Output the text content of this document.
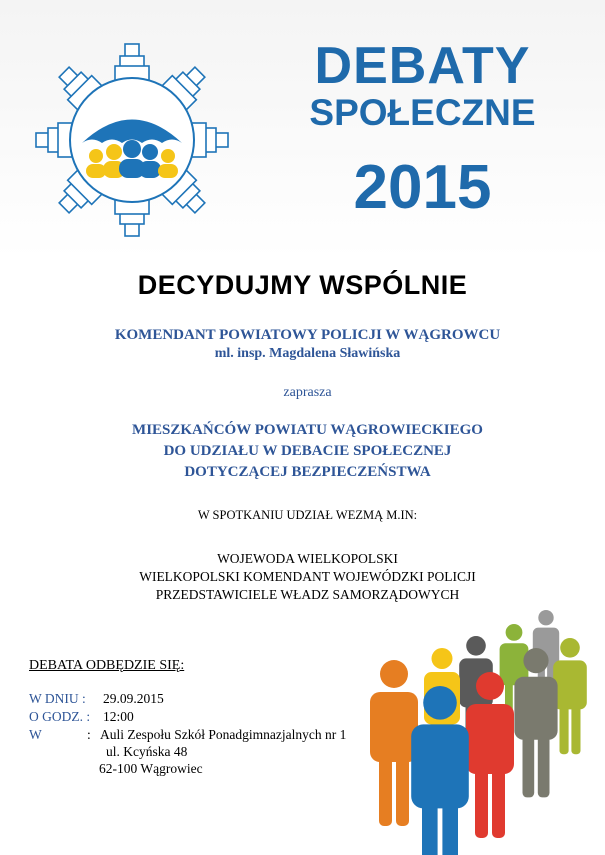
WIELKOPOLSKA POLICJA
DEBATY
SPOŁECZNE
2015
DECYDUJMY WSPÓLNIE
KOMENDANT POWIATOWY POLICJI W WĄGROWCU
ml. insp. Magdalena Sławińska
zaprasza
MIESZKAŃCÓW POWIATU WĄGROWIECKIEGO
DO UDZIAŁU W DEBACIE SPOŁECZNEJ
DOTYCZĄCEJ BEZPIECZEŃSTWA
W SPOTKANIU UDZIAŁ WEZMĄ M.IN:
WOJEWODA WIELKOPOLSKI
WIELKOPOLSKI KOMENDANT WOJEWÓDZKI POLICJI
PRZEDSTAWICIELE WŁADZ SAMORZĄDOWYCH
DEBATA ODBĘDZIE SIĘ:
W DNIU : 29.09.2015
O GODZ. : 12:00
W	: Auli Zespołu Szkół Ponadgimnazjalnych nr 1
ul. Kcyńska 48
62-100 Wągrowiec
